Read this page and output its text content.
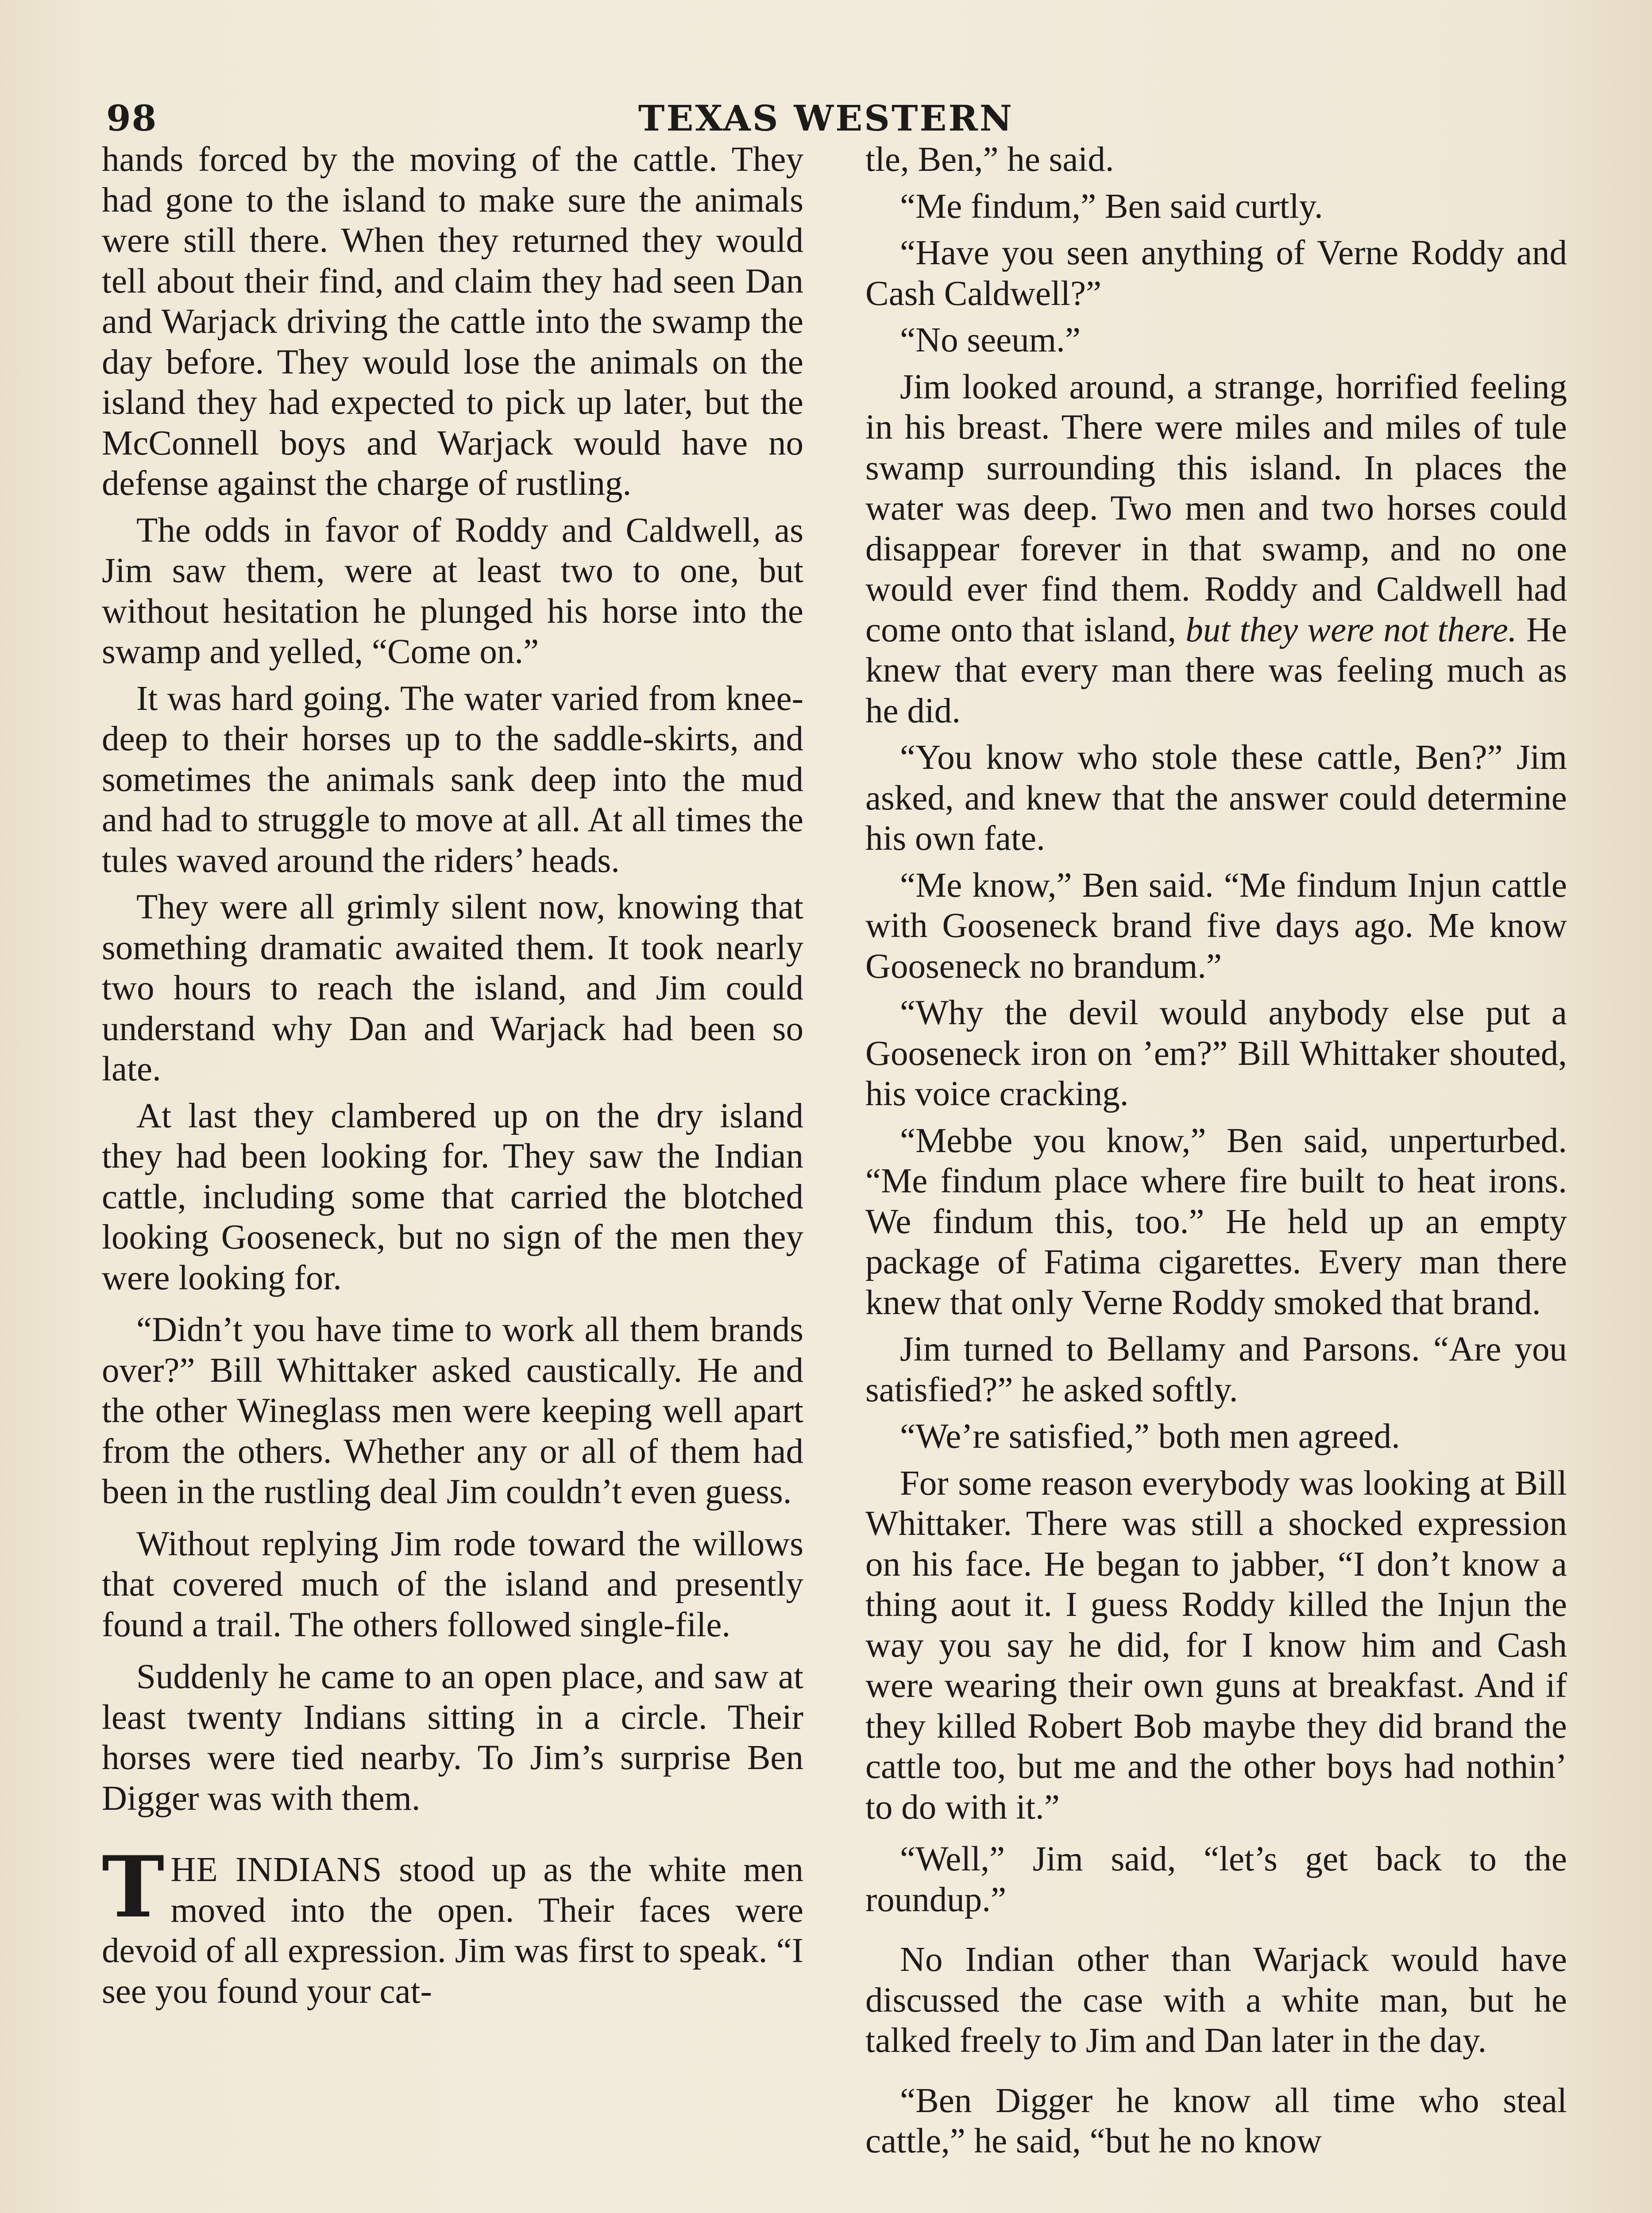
98	TEXAS WESTERN

hands forced by the moving of the cattle. They had gone to the island to make sure the animals were still there. When they returned they would tell about their find, and claim they had seen Dan and Warjack driving the cattle into the swamp the day before. They would lose the animals on the island they had expected to pick up later, but the McConnell boys and Warjack would have no defense against the charge of rustling.

The odds in favor of Roddy and Caldwell, as Jim saw them, were at least two to one, but without hesitation he plunged his horse into the swamp and yelled, “Come on.”

It was hard going. The water varied from knee-deep to their horses up to the saddle-skirts, and sometimes the animals sank deep into the mud and had to struggle to move at all. At all times the tules waved around the riders’ heads.

They were all grimly silent now, knowing that something dramatic awaited them. It took nearly two hours to reach the island, and Jim could understand why Dan and Warjack had been so late.

At last they clambered up on the dry island they had been looking for. They saw the Indian cattle, including some that carried the blotched looking Gooseneck, but no sign of the men they were looking for.

“Didn’t you have time to work all them brands over?” Bill Whittaker asked caustically. He and the other Wineglass men were keeping well apart from the others. Whether any or all of them had been in the rustling deal Jim couldn’t even guess.

Without replying Jim rode toward the willows that covered much of the island and presently found a trail. The others followed single-file.

Suddenly he came to an open place, and saw at least twenty Indians sitting in a circle. Their horses were tied nearby. To Jim’s surprise Ben Digger was with them.

THE INDIANS stood up as the white men moved into the open. Their faces were devoid of all expression. Jim was first to speak. “I see you found your cat-

tle, Ben,” he said.

“Me findum,” Ben said curtly.

“Have you seen anything of Verne Roddy and Cash Caldwell?”

“No seeum.”

Jim looked around, a strange, horrified feeling in his breast. There were miles and miles of tule swamp surrounding this island. In places the water was deep. Two men and two horses could disappear forever in that swamp, and no one would ever find them. Roddy and Caldwell had come onto that island, but they were not there. He knew that every man there was feeling much as he did.

“You know who stole these cattle, Ben?” Jim asked, and knew that the answer could determine his own fate.

“Me know,” Ben said. “Me findum Injun cattle with Gooseneck brand five days ago. Me know Gooseneck no brandum.”

“Why the devil would anybody else put a Gooseneck iron on ’em?” Bill Whittaker shouted, his voice cracking.

“Mebbe you know,” Ben said, unperturbed. “Me findum place where fire built to heat irons. We findum this, too.” He held up an empty package of Fatima cigarettes. Every man there knew that only Verne Roddy smoked that brand.

Jim turned to Bellamy and Parsons. “Are you satisfied?” he asked softly.

“We’re satisfied,” both men agreed.

For some reason everybody was looking at Bill Whittaker. There was still a shocked expression on his face. He began to jabber, “I don’t know a thing aout it. I guess Roddy killed the Injun the way you say he did, for I know him and Cash were wearing their own guns at breakfast. And if they killed Robert Bob maybe they did brand the cattle too, but me and the other boys had nothin’ to do with it.”

“Well,” Jim said, “let’s get back to the roundup.”

No Indian other than Warjack would have discussed the case with a white man, but he talked freely to Jim and Dan later in the day.

“Ben Digger he know all time who steal cattle,” he said, “but he no know
